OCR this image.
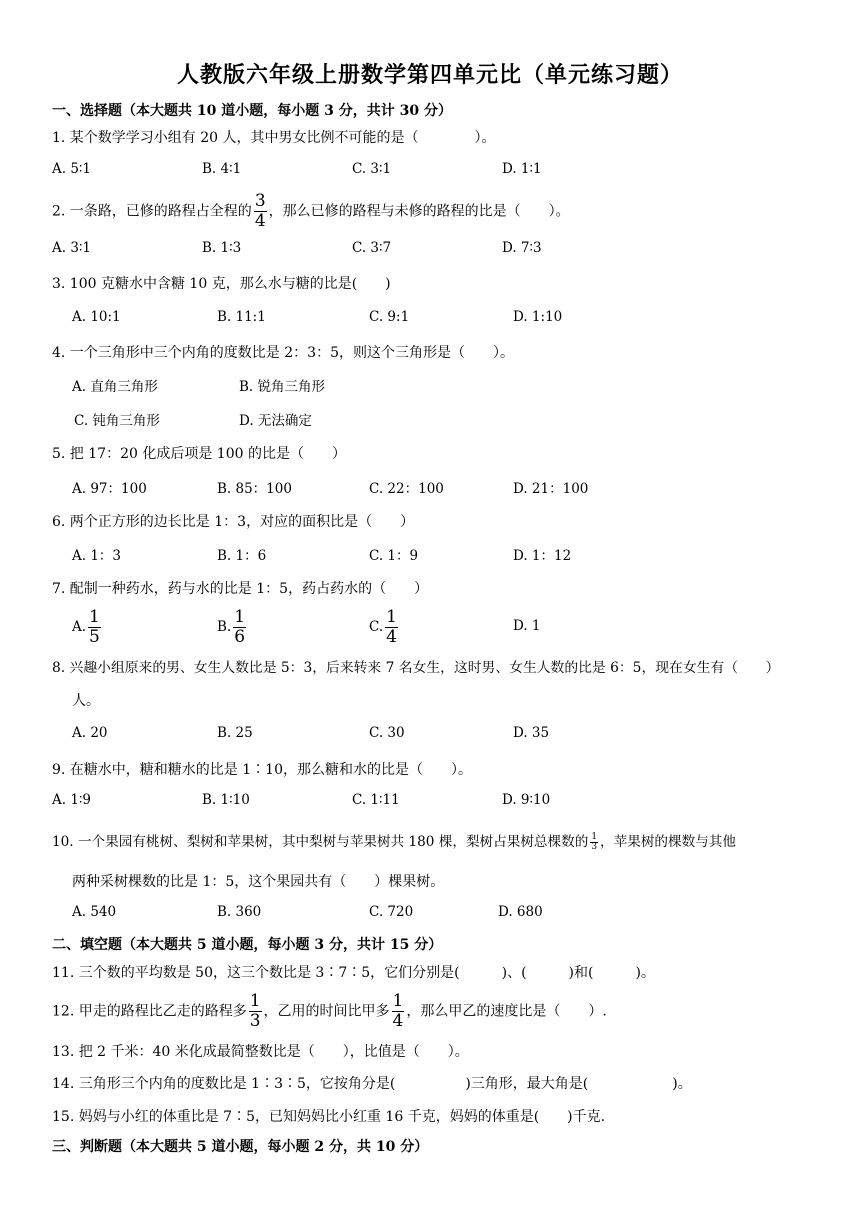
人教版六年级上册数学第四单元比（单元练习题）
一、选择题（本大题共 10 道小题，每小题 3 分，共计 30 分）
1. 某个数学学习小组有 20 人，其中男女比例不可能的是（　　　　）。
A. 5∶1	B. 4∶1	C. 3∶1	D. 1∶1
2. 一条路，已修的路程占全程的 $\frac{3}{4}$ ，那么已修的路程与未修的路程的比是（　　）。
A. 3∶1	B. 1∶3	C. 3∶7	D. 7∶3
3. 100 克糖水中含糖 10 克，那么水与糖的比是(　　)
A. 10:1	B. 11:1	C. 9:1	D. 1:10
4. 一个三角形中三个内角的度数比是 2：3：5，则这个三角形是（　　）。
A. 直角三角形	B. 锐角三角形
C. 钝角三角形	D. 无法确定
5. 把 17：20 化成后项是 100 的比是（　　）
A. 97：100	B. 85：100	C. 22：100	D. 21：100
6. 两个正方形的边长比是 1：3，对应的面积比是（　　）
A. 1：3	B. 1：6	C. 1：9	D. 1：12
7. 配制一种药水，药与水的比是 1：5，药占药水的（　　）
A. $\frac{1}{5}$	B. $\frac{1}{6}$	C. $\frac{1}{4}$	D. 1
8. 兴趣小组原来的男、女生人数比是 5：3，后来转来 7 名女生，这时男、女生人数的比是 6：5，现在女生有（　　）
人。
A. 20	B. 25	C. 30	D. 35
9. 在糖水中，糖和糖水的比是 1∶10，那么糖和水的比是（　　）。
A. 1∶9	B. 1∶10	C. 1∶11	D. 9∶10
10. 一个果园有桃树、梨树和苹果树，其中梨树与苹果树共 180 棵，梨树占果树总棵数的 $\frac{1}{3}$ ，苹果树的棵数与其他
两种采树棵数的比是 1：5，这个果园共有（　　）棵果树。
A. 540	B. 360	C. 720	D. 680
二、填空题（本大题共 5 道小题，每小题 3 分，共计 15 分）
11. 三个数的平均数是 50，这三个数比是 3∶7∶5，它们分别是(　　　)、(　　　)和(　　　)。
12. 甲走的路程比乙走的路程多 $\frac{1}{3}$ ，乙用的时间比甲多 $\frac{1}{4}$ ，那么甲乙的速度比是（　　）.
13. 把 2 千米：40 米化成最简整数比是（　　），比值是（　　）。
14. 三角形三个内角的度数比是 1∶3∶5，它按角分是(　　　　　)三角形，最大角是(　　　　　　)。
15. 妈妈与小红的体重比是 7∶5，已知妈妈比小红重 16 千克，妈妈的体重是(　　)千克.
三、判断题（本大题共 5 道小题，每小题 2 分，共 10 分）
